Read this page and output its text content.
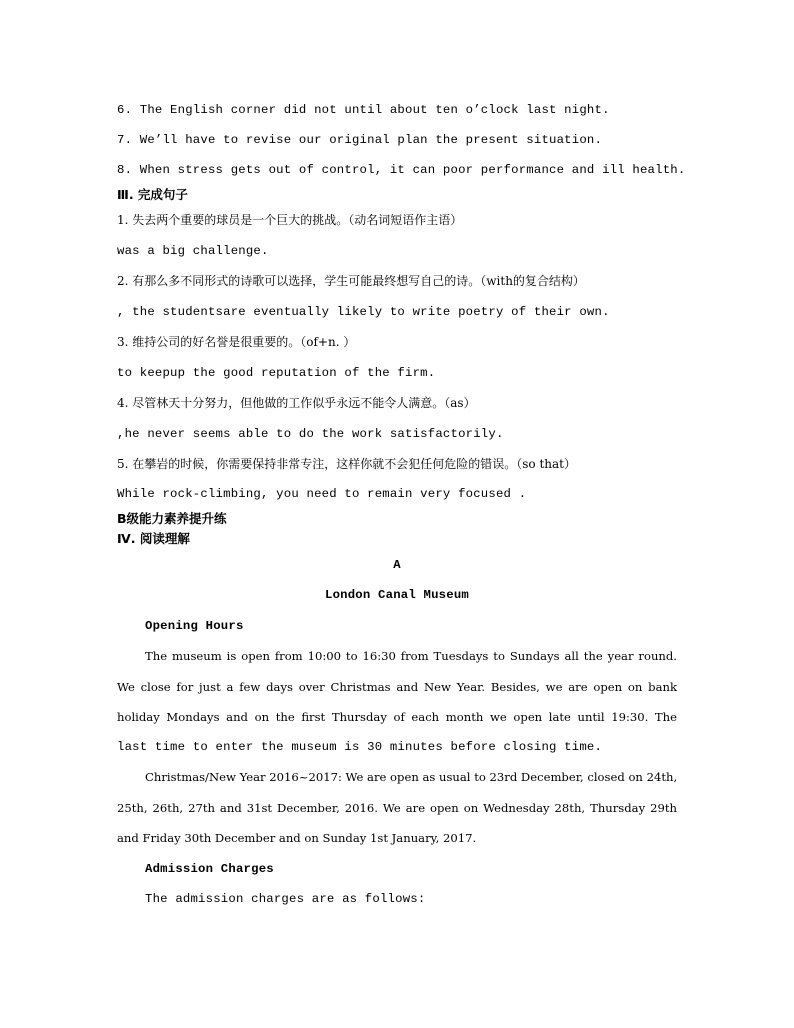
6. The English corner did not until about ten o’clock last night.
7. We’ll have to revise our original plan the present situation.
8. When stress gets out of control, it can poor performance and ill health.
Ⅲ. 完成句子
1. 失去两个重要的球员是一个巨大的挑战。（动名词短语作主语）
was a big challenge.
2. 有那么多不同形式的诗歌可以选择，学生可能最终想写自己的诗。（with的复合结构）
, the studentsare eventually likely to write poetry of their own.
3. 维持公司的好名誉是很重要的。（of+n. ）
to keepup the good reputation of the firm.
4. 尽管林天十分努力，但他做的工作似乎永远不能令人满意。（as）
,he never seems able to do the work satisfactorily.
5. 在攀岩的时候，你需要保持非常专注，这样你就不会犯任何危险的错误。（so that）
While rock-climbing, you need to remain very focused .
B级能力素养提升练
Ⅳ. 阅读理解
A
London Canal Museum
Opening Hours
The museum is open from 10:00 to 16:30 from Tuesdays to Sundays all the year round.
We close for just a few days over Christmas and New Year. Besides, we are open on bank
holiday Mondays and on the first Thursday of each month we open late until 19:30. The
last time to enter the museum is 30 minutes before closing time.
Christmas/New Year 2016~2017: We are open as usual to 23rd December, closed on 24th,
25th, 26th, 27th and 31st December, 2016. We are open on Wednesday 28th, Thursday 29th
and Friday 30th December and on Sunday 1st January, 2017.
Admission Charges
The admission charges are as follows:
